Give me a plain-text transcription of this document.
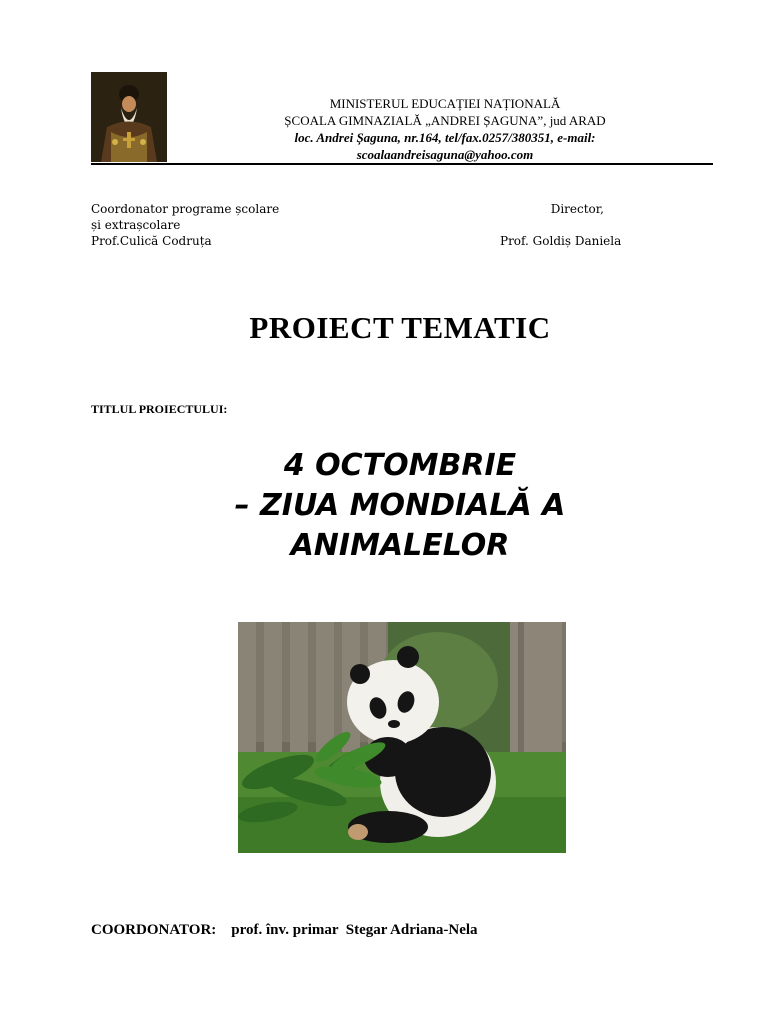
MINISTERUL EDUCAȚIEI NAȚIONALĂ
ȘCOALA GIMNAZIALĂ „ANDREI ȘAGUNA”, jud ARAD
loc. Andrei Șaguna, nr.164, tel/fax.0257/380351, e-mail:
scoalaandreisaguna@yahoo.com
Coordonator programe școlare
și extrașcolare
Prof.Culică Codruța
Director,
Prof. Goldiș Daniela
PROIECT TEMATIC
TITLUL PROIECTULUI:
4 OCTOMBRIE
– ZIUA MONDIALĂ A
ANIMALELOR
COORDONATOR: prof. înv. primar  Stegar Adriana-Nela
